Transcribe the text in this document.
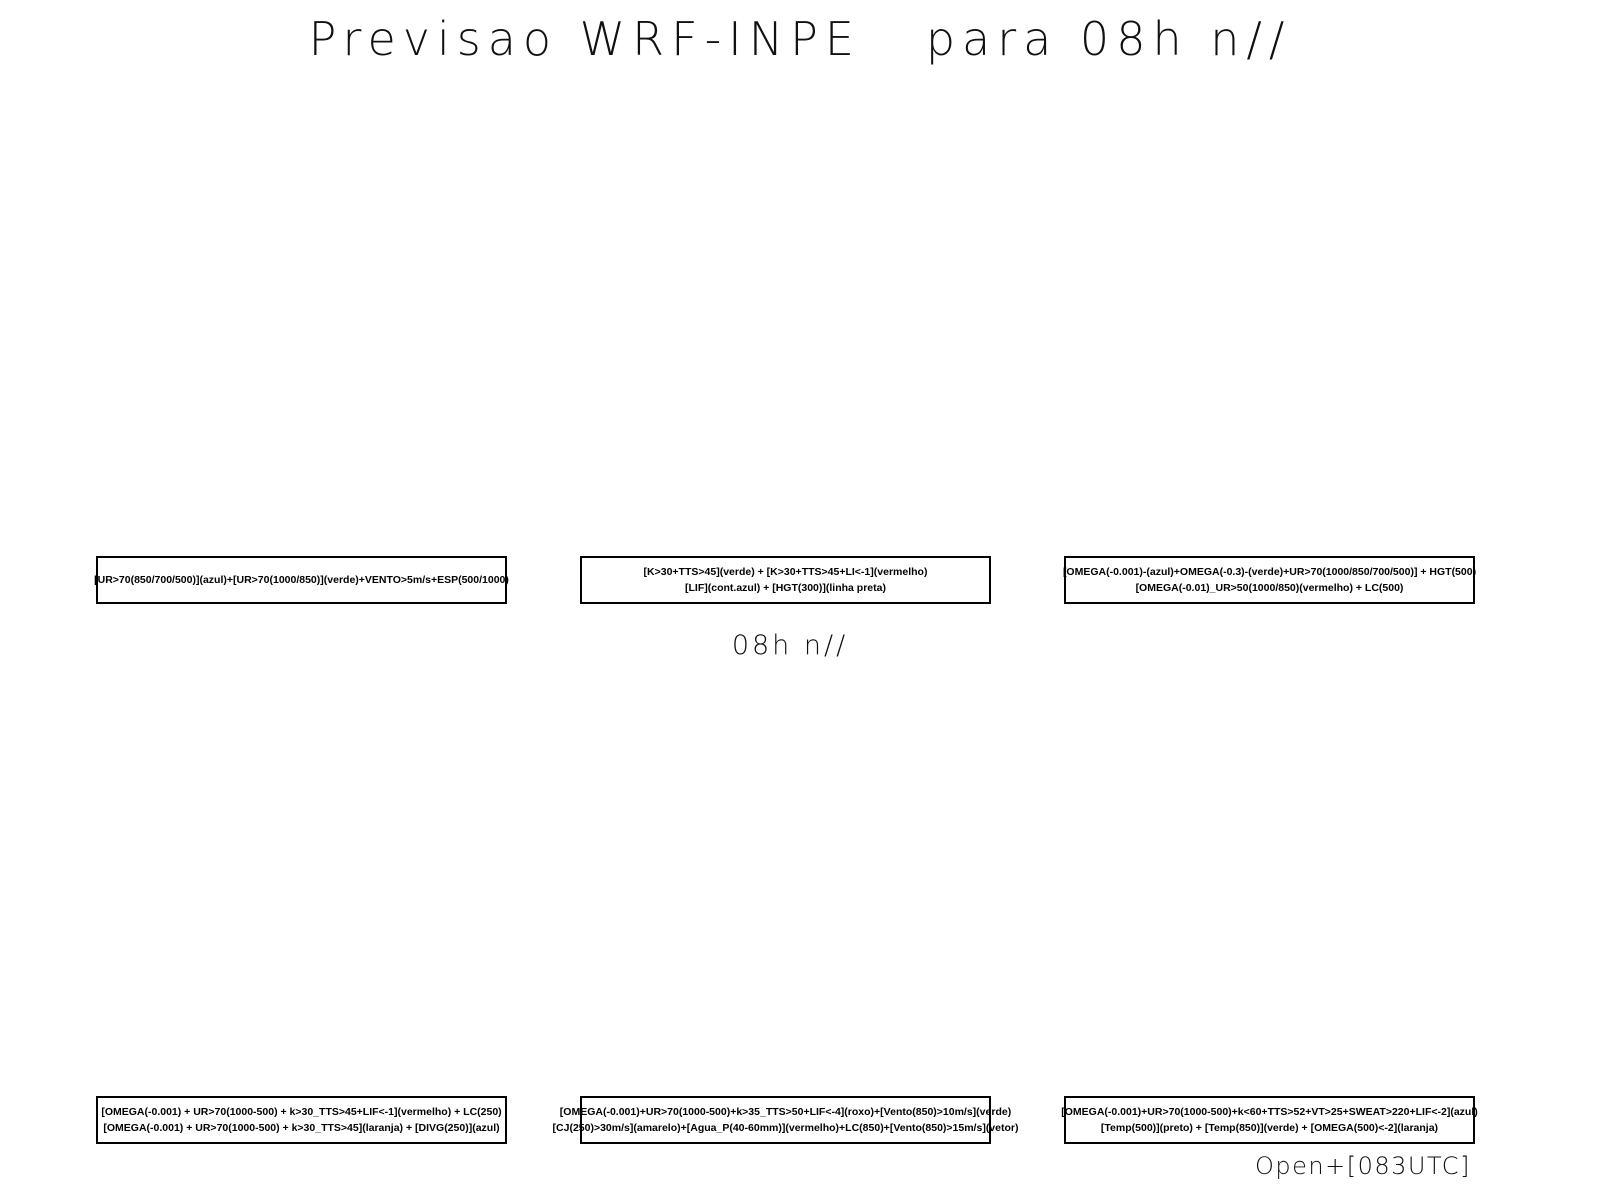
Previsao WRF-INPE   para 08h n//
[UR>70(850/700/500)](azul)+[UR>70(1000/850)](verde)+VENTO>5m/s+ESP(500/1000)
[K>30+TTS>45](verde) + [K>30+TTS>45+LI<-1](vermelho)
[LIF](cont.azul) + [HGT(300)](linha preta)
[OMEGA(-0.001)-(azul)+OMEGA(-0.3)-(verde)+UR>70(1000/850/700/500)] + HGT(500)
[OMEGA(-0.01)_UR>50(1000/850)(vermelho) + LC(500)
08h n//
[OMEGA(-0.001) + UR>70(1000-500) + k>30_TTS>45+LIF<-1](vermelho) + LC(250)
[OMEGA(-0.001) + UR>70(1000-500) + k>30_TTS>45](laranja) + [DIVG(250)](azul)
[OMEGA(-0.001)+UR>70(1000-500)+k>35_TTS>50+LIF<-4](roxo)+[Vento(850)>10m/s](verde)
[CJ(250)>30m/s](amarelo)+[Agua_P(40-60mm)](vermelho)+LC(850)+[Vento(850)>15m/s](vetor)
[OMEGA(-0.001)+UR>70(1000-500)+k<60+TTS>52+VT>25+SWEAT>220+LIF<-2](azul)
[Temp(500)](preto) + [Temp(850)](verde) + [OMEGA(500)<-2](laranja)
Open+[083UTC]
